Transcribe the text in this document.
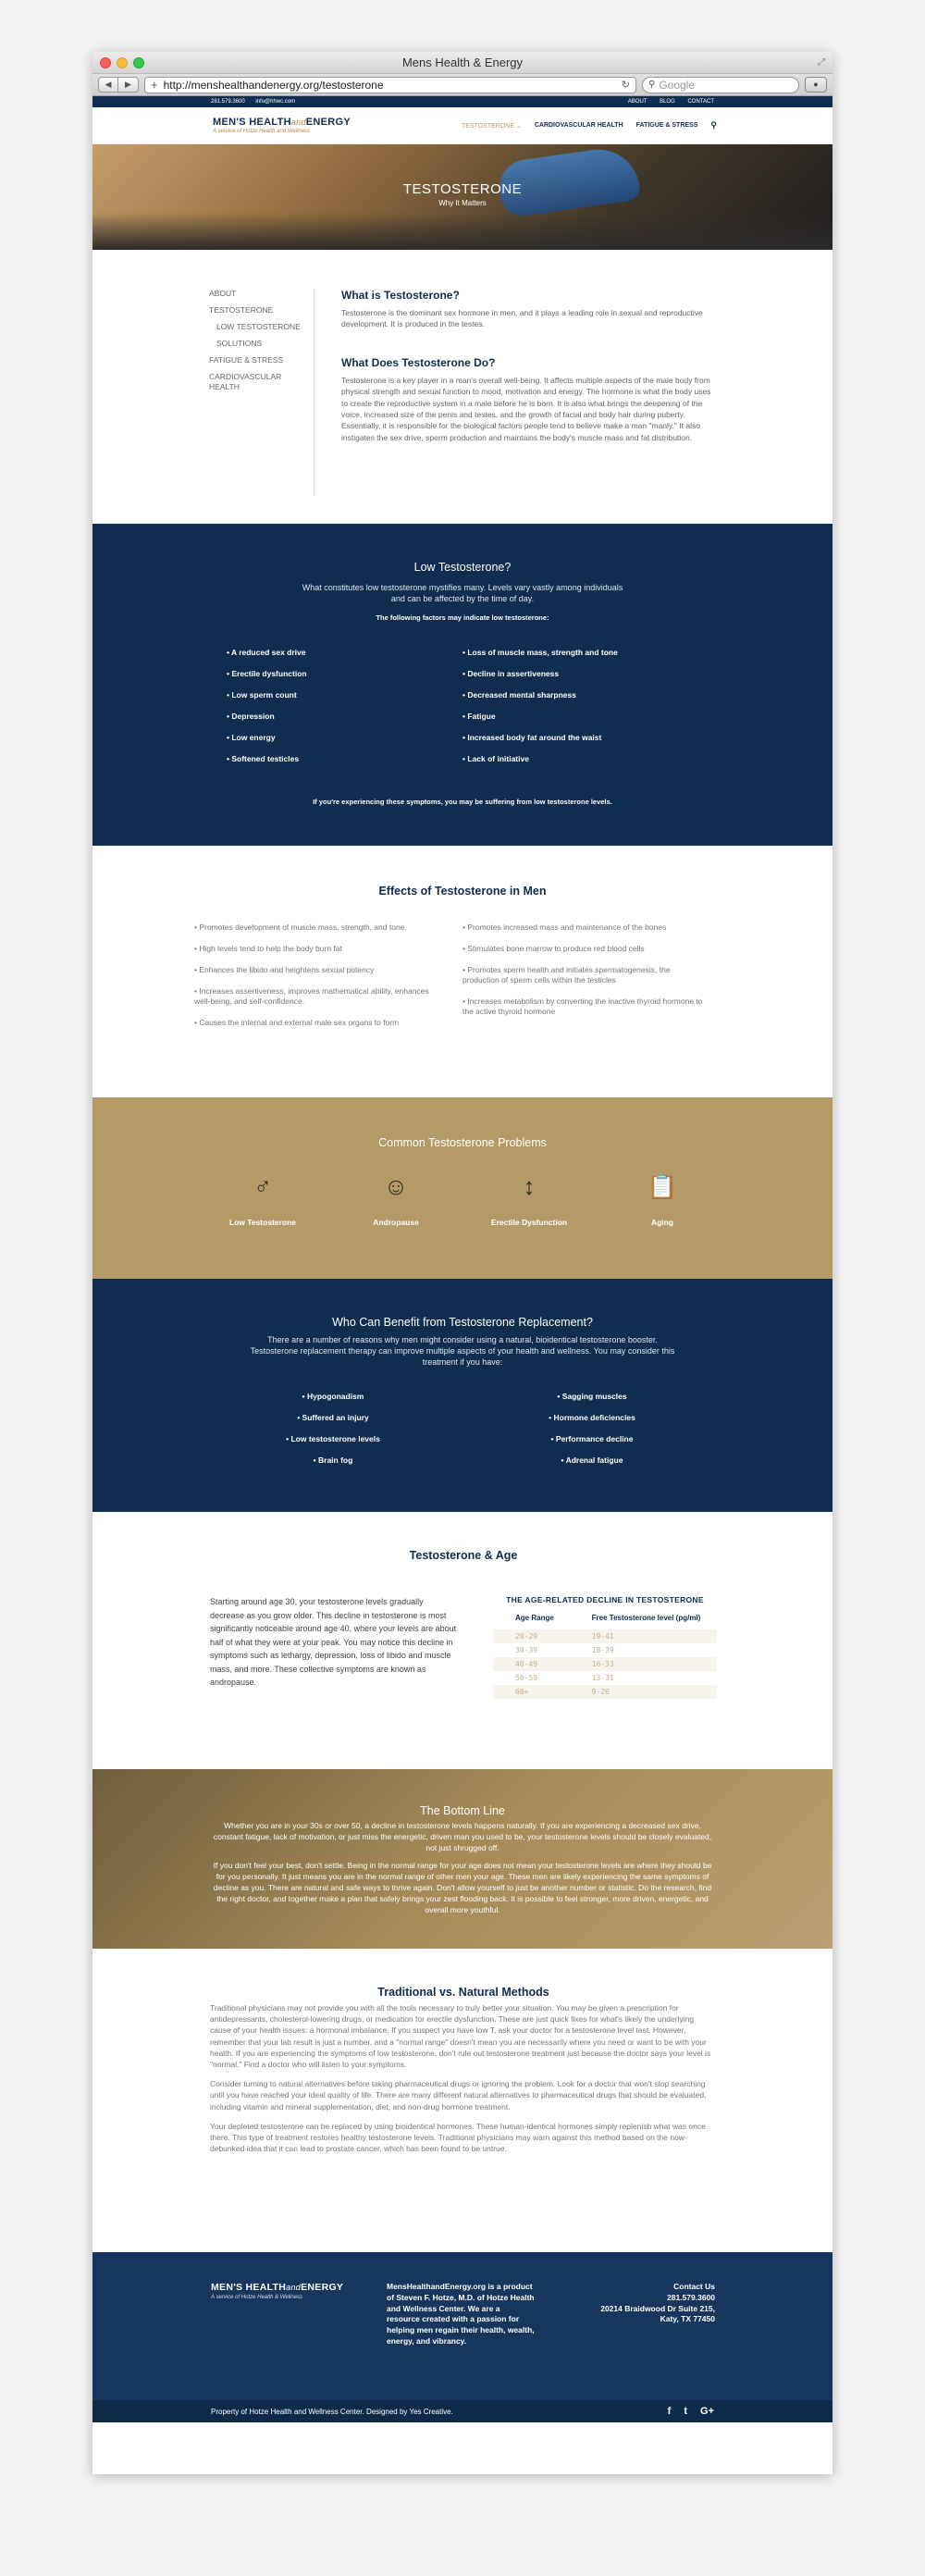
Mens Health & Energy	⤢
◀	▶	+ http://menshealthandenergy.org/testosterone	↻ ⚲ Google	●
281.579.3600 info@hhwc.com	ABOUT BLOG CONTACT
MEN'S HEALTHandENERGY
A service of Hotze Health and Wellness
TESTOSTERONE ⌄ CARDIOVASCULAR HEALTH FATIGUE & STRESS ⚲
TESTOSTERONE

Why It Matters

ABOUT
TESTOSTERONE
LOW TESTOSTERONE
SOLUTIONS
FATIGUE & STRESS
CARDIOVASCULAR HEALTH
What is Testosterone?

Testosterone is the dominant sex hormone in men, and it plays a leading role in sexual and reproductive development. It is produced in the testes.

What Does Testosterone Do?

Testosterone is a key player in a man's overall well-being. It affects multiple aspects of the male body from physical strength and sexual function to mood, motivation and energy. The hormone is what the body uses to create the reproductive system in a male before he is born. It is also what brings the deepening of the voice, increased size of the penis and testes, and the growth of facial and body hair during puberty. Essentially, it is responsible for the biological factors people tend to believe make a man "manly." It also instigates the sex drive, sperm production and maintains the body's muscle mass and fat distribution.

Low Testosterone?

What constitutes low testosterone mystifies many. Levels vary vastly among individuals and can be affected by the time of day.

The following factors may indicate low testosterone:

• A reduced sex drive
• Erectile dysfunction
• Low sperm count
• Depression
• Low energy
• Softened testicles
• Loss of muscle mass, strength and tone
• Decline in assertiveness
• Decreased mental sharpness
• Fatigue
• Increased body fat around the waist
• Lack of initiative

If you're experiencing these symptoms, you may be suffering from low testosterone levels.

Effects of Testosterone in Men
• Promotes development of muscle mass, strength, and tone
• High levels tend to help the body burn fat
• Enhances the libido and heightens sexual potency
• Increases assertiveness, improves mathematical ability, enhances well-being, and self-confidence.
• Causes the internal and external male sex organs to form
• Promotes increased mass and maintenance of the bones
• Stimulates bone marrow to produce red blood cells
• Promotes sperm health and initiates spermatogenesis, the production of sperm cells within the testicles
• Increases metabolism by converting the inactive thyroid hormone to the active thyroid hormone
Common Testosterone Problems
♂
Low Testosterone
☺
Andropause
↕
Erectile Dysfunction
📋
Aging
Who Can Benefit from Testosterone Replacement?

There are a number of reasons why men might consider using a natural, bioidentical testosterone booster. Testosterone replacement therapy can improve multiple aspects of your health and wellness. You may consider this treatment if you have:

• Hypogonadism
• Suffered an injury
• Low testosterone levels
• Brain fog
• Sagging muscles
• Hormone deficiencies
• Performance decline
• Adrenal fatigue
Testosterone & Age
Starting around age 30, your testosterone levels gradually decrease as you grow older. This decline in testosterone is most significantly noticeable around age 40, where your levels are about half of what they were at your peak. You may notice this decline in symptoms such as lethargy, depression, loss of libido and muscle mass, and more. These collective symptoms are known as andropause.
THE AGE-RELATED DECLINE IN TESTOSTERONE
Age Range	Free Testosterone level (pg/ml)
20-29	19-41
30-39	18-39
40-49	16-33
50-59	13-31
60+	9-26
The Bottom Line

Whether you are in your 30s or over 50, a decline in testosterone levels happens naturally. If you are experiencing a decreased sex drive, constant fatigue, lack of motivation, or just miss the energetic, driven man you used to be, your testosterone levels should be closely evaluated, not just shrugged off.

If you don't feel your best, don't settle. Being in the normal range for your age does not mean your testosterone levels are where they should be for you personally. It just means you are in the normal range of other men your age. These men are likely experiencing the same symptoms of decline as you. There are natural and safe ways to thrive again. Don't allow yourself to just be another number or statistic. Do the research, find the right doctor, and together make a plan that safely brings your zest flooding back. It is possible to feel stronger, more driven, energetic, and overall more youthful.

Traditional vs. Natural Methods

Traditional physicians may not provide you with all the tools necessary to truly better your situation. You may be given a prescription for antidepressants, cholesterol-lowering drugs, or medication for erectile dysfunction. These are just quick fixes for what's likely the underlying cause of your health issues: a hormonal imbalance. If you suspect you have low T, ask your doctor for a testosterone level test. However, remember that your lab result is just a number, and a "normal range" doesn't mean you are necessarily where you need or want to be with your health. If you are experiencing the symptoms of low testosterone, don't rule out testosterone treatment just because the doctor says your level is "normal." Find a doctor who will listen to your symptoms.

Consider turning to natural alternatives before taking pharmaceutical drugs or ignoring the problem. Look for a doctor that won't stop searching until you have reached your ideal quality of life. There are many different natural alternatives to pharmaceutical drugs that should be evaluated, including vitamin and mineral supplementation, diet, and non-drug hormone treatment.

Your depleted testosterone can be replaced by using bioidentical hormones. These human-identical hormones simply replenish what was once there. This type of treatment restores healthy testosterone levels. Traditional physicians may warn against this method based on the now-debunked idea that it can lead to prostate cancer, which has been found to be untrue.

MEN'S HEALTHandENERGY
A service of Hotze Health & Wellness
MensHealthandEnergy.org is a product of Steven F. Hotze, M.D. of Hotze Health and Wellness Center. We are a resource created with a passion for helping men regain their health, wealth, energy, and vibrancy.
Contact Us
281.579.3600
20214 Braidwood Dr Suite 215,
Katy, TX 77450
Property of Hotze Health and Wellness Center. Designed by Yes Creative.	f t G+
